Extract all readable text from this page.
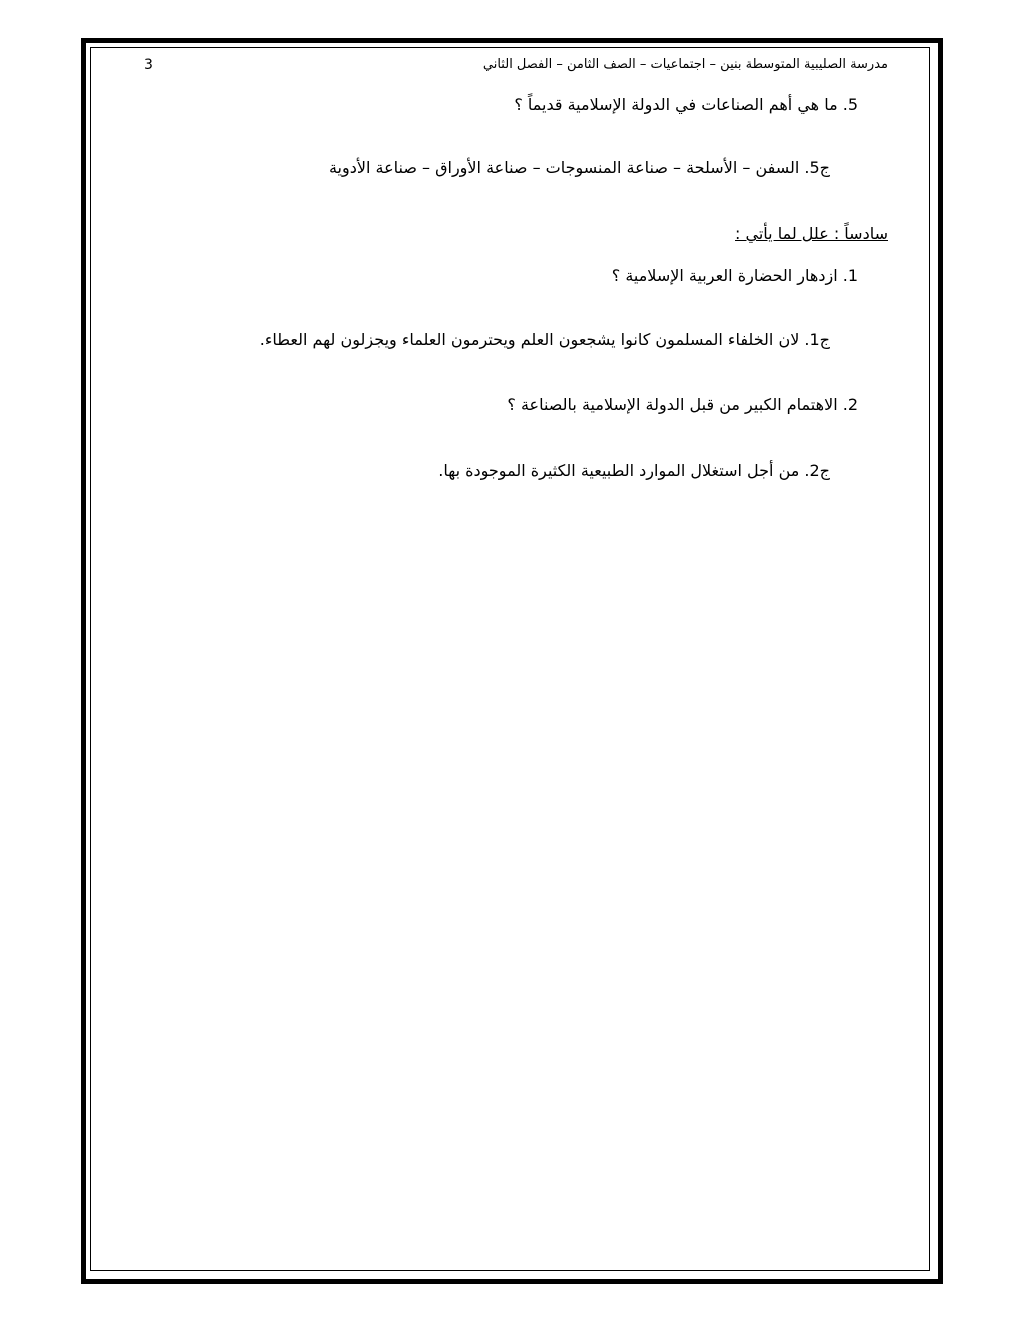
3	مدرسة الصليبية المتوسطة بنين – اجتماعيات – الصف الثامن – الفصل الثاني
5. ما هي أهم الصناعات في الدولة الإسلامية قديماً ؟
ج5. السفن – الأسلحة – صناعة المنسوجات – صناعة الأوراق – صناعة الأدوية
سادساً : علل لما يأتي :
1. ازدهار الحضارة العربية الإسلامية ؟
ج1. لان الخلفاء المسلمون كانوا يشجعون العلم ويحترمون العلماء ويجزلون لهم العطاء.
2. الاهتمام الكبير من قبل الدولة الإسلامية بالصناعة ؟
ج2. من أجل استغلال الموارد الطبيعية الكثيرة الموجودة بها.
